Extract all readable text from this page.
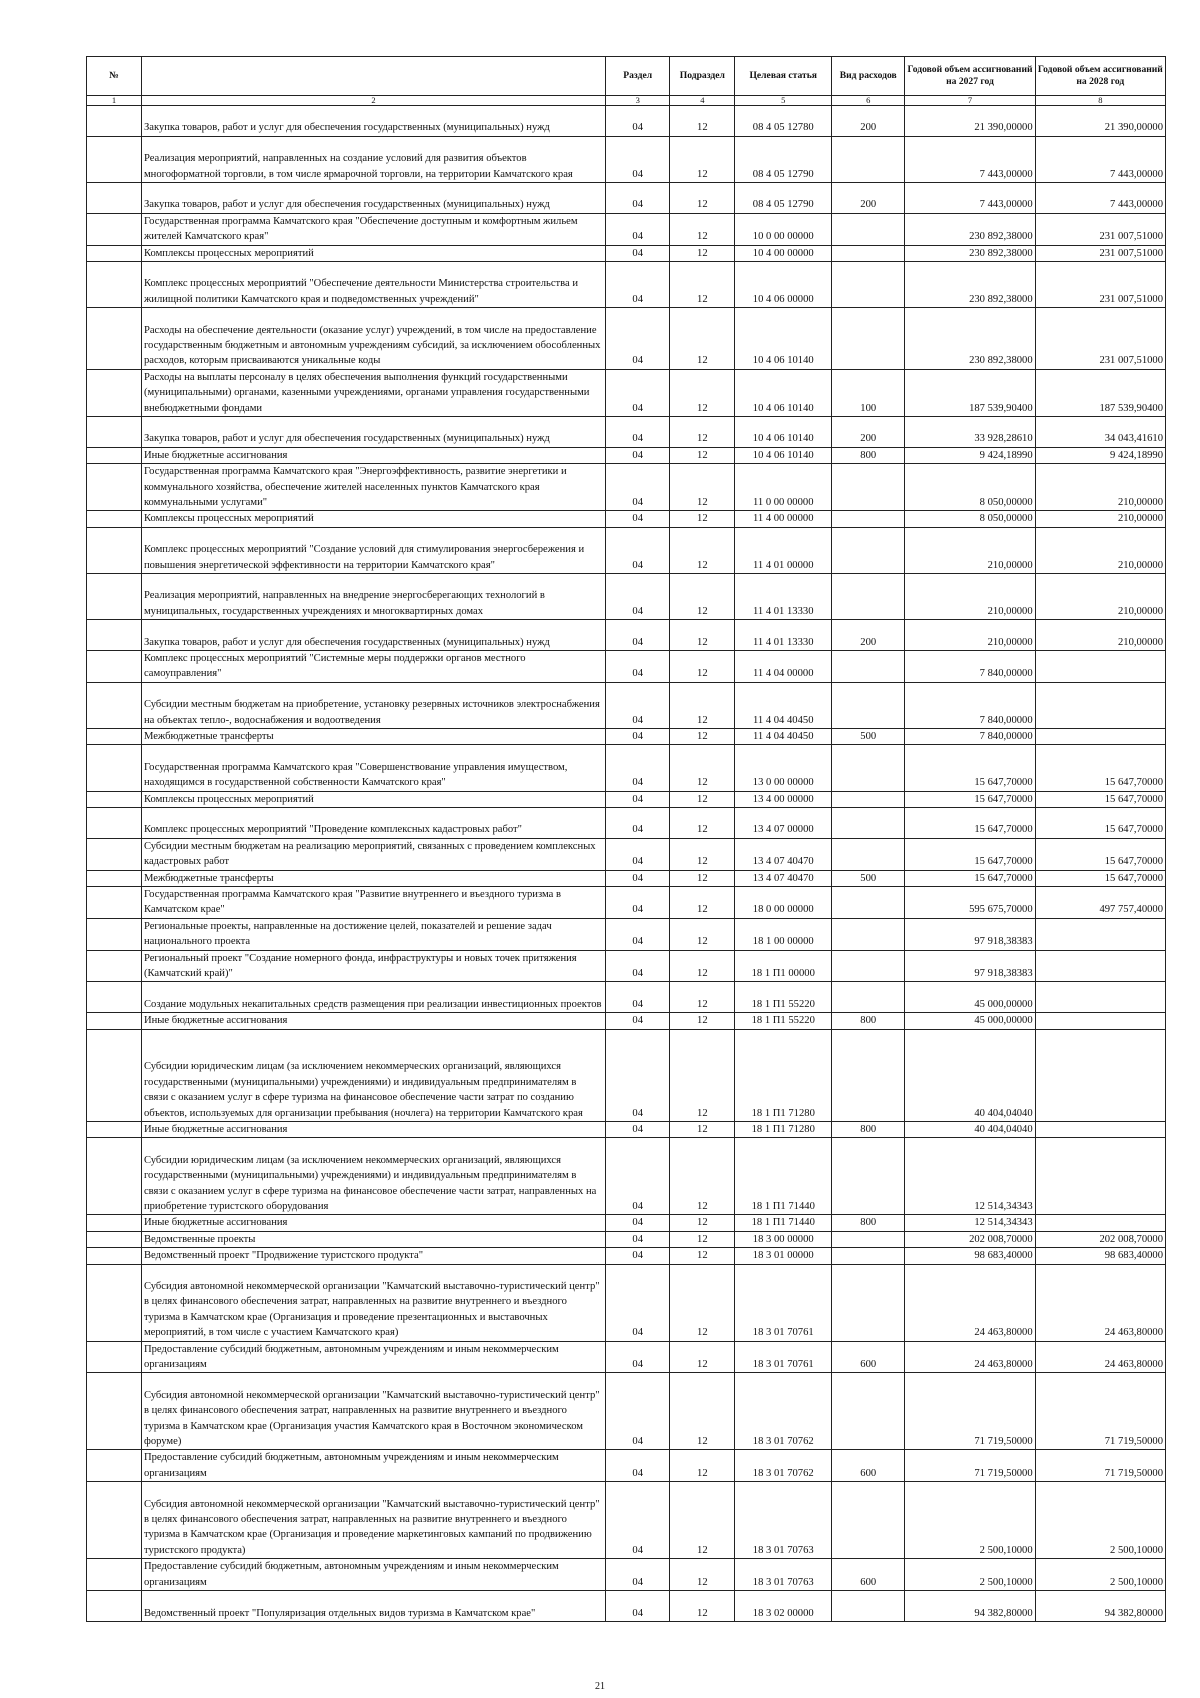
№		Раздел	Подраздел	Целевая статья	Вид расходов	Годовой объем ассигнований на 2027 год	Годовой объем ассигнований на 2028 год
1	2	3	4	5	6	7	8
	Закупка товаров, работ и услуг для обеспечения государственных (муниципальных) нужд	04	12	08 4 05 12780	200	21 390,00000	21 390,00000
	Реализация мероприятий, направленных на создание условий для развития объектов многоформатной торговли, в том числе ярмарочной торговли, на территории Камчатского края	04	12	08 4 05 12790		7 443,00000	7 443,00000
	Закупка товаров, работ и услуг для обеспечения государственных (муниципальных) нужд	04	12	08 4 05 12790	200	7 443,00000	7 443,00000
	Государственная программа Камчатского края "Обеспечение доступным и комфортным жильем жителей Камчатского края"	04	12	10 0 00 00000		230 892,38000	231 007,51000
	Комплексы процессных мероприятий	04	12	10 4 00 00000		230 892,38000	231 007,51000
	Комплекс процессных мероприятий "Обеспечение деятельности Министерства строительства и жилищной политики Камчатского края и подведомственных учреждений"	04	12	10 4 06 00000		230 892,38000	231 007,51000
	Расходы на обеспечение деятельности (оказание услуг) учреждений, в том числе на предоставление государственным бюджетным и автономным учреждениям субсидий, за исключением обособленных расходов, которым присваиваются уникальные коды	04	12	10 4 06 10140		230 892,38000	231 007,51000
	Расходы на выплаты персоналу в целях обеспечения выполнения функций государственными (муниципальными) органами, казенными учреждениями, органами управления государственными внебюджетными фондами	04	12	10 4 06 10140	100	187 539,90400	187 539,90400
	Закупка товаров, работ и услуг для обеспечения государственных (муниципальных) нужд	04	12	10 4 06 10140	200	33 928,28610	34 043,41610
	Иные бюджетные ассигнования	04	12	10 4 06 10140	800	9 424,18990	9 424,18990
	Государственная программа Камчатского края "Энергоэффективность, развитие энергетики и коммунального хозяйства, обеспечение жителей населенных пунктов Камчатского края коммунальными услугами"	04	12	11 0 00 00000		8 050,00000	210,00000
	Комплексы процессных мероприятий	04	12	11 4 00 00000		8 050,00000	210,00000
	Комплекс процессных мероприятий "Создание условий для стимулирования энергосбережения и повышения энергетической эффективности на территории Камчатского края"	04	12	11 4 01 00000		210,00000	210,00000
	Реализация мероприятий, направленных на внедрение энергосберегающих технологий в муниципальных, государственных учреждениях и многоквартирных домах	04	12	11 4 01 13330		210,00000	210,00000
	Закупка товаров, работ и услуг для обеспечения государственных (муниципальных) нужд	04	12	11 4 01 13330	200	210,00000	210,00000
	Комплекс процессных мероприятий "Системные меры поддержки органов местного самоуправления"	04	12	11 4 04 00000		7 840,00000	
	Субсидии местным бюджетам на приобретение, установку резервных источников электроснабжения на объектах тепло-, водоснабжения и водоотведения	04	12	11 4 04 40450		7 840,00000	
	Межбюджетные трансферты	04	12	11 4 04 40450	500	7 840,00000	
	Государственная программа Камчатского края "Совершенствование управления имуществом, находящимся в государственной собственности Камчатского края"	04	12	13 0 00 00000		15 647,70000	15 647,70000
	Комплексы процессных мероприятий	04	12	13 4 00 00000		15 647,70000	15 647,70000
	Комплекс процессных мероприятий "Проведение комплексных кадастровых работ"	04	12	13 4 07 00000		15 647,70000	15 647,70000
	Субсидии местным бюджетам на реализацию мероприятий, связанных с проведением комплексных кадастровых работ	04	12	13 4 07 40470		15 647,70000	15 647,70000
	Межбюджетные трансферты	04	12	13 4 07 40470	500	15 647,70000	15 647,70000
	Государственная программа Камчатского края "Развитие внутреннего и въездного туризма в Камчатском крае"	04	12	18 0 00 00000		595 675,70000	497 757,40000
	Региональные проекты, направленные на достижение целей, показателей и решение задач национального проекта	04	12	18 1 00 00000		97 918,38383	
	Региональный проект "Создание номерного фонда, инфраструктуры и новых точек притяжения (Камчатский край)"	04	12	18 1 П1 00000		97 918,38383	
	Создание модульных некапитальных средств размещения при реализации инвестиционных проектов	04	12	18 1 П1 55220		45 000,00000	
	Иные бюджетные ассигнования	04	12	18 1 П1 55220	800	45 000,00000	
	Субсидии юридическим лицам (за исключением некоммерческих организаций, являющихся государственными (муниципальными) учреждениями) и индивидуальным предпринимателям в связи с оказанием услуг в сфере туризма на финансовое обеспечение части затрат по созданию объектов, используемых для организации пребывания (ночлега) на территории Камчатского края	04	12	18 1 П1 71280		40 404,04040	
	Иные бюджетные ассигнования	04	12	18 1 П1 71280	800	40 404,04040	
	Субсидии юридическим лицам (за исключением некоммерческих организаций, являющихся государственными (муниципальными) учреждениями) и индивидуальным предпринимателям в связи с оказанием услуг в сфере туризма на финансовое обеспечение части затрат, направленных на приобретение туристского оборудования	04	12	18 1 П1 71440		12 514,34343	
	Иные бюджетные ассигнования	04	12	18 1 П1 71440	800	12 514,34343	
	Ведомственные проекты	04	12	18 3 00 00000		202 008,70000	202 008,70000
	Ведомственный проект "Продвижение туристского продукта"	04	12	18 3 01 00000		98 683,40000	98 683,40000
	Субсидия автономной некоммерческой организации "Камчатский выставочно-туристический центр" в целях финансового обеспечения затрат, направленных на развитие внутреннего и въездного туризма в Камчатском крае (Организация и проведение презентационных и выставочных мероприятий, в том числе с участием Камчатского края)	04	12	18 3 01 70761		24 463,80000	24 463,80000
	Предоставление субсидий бюджетным, автономным учреждениям и иным некоммерческим организациям	04	12	18 3 01 70761	600	24 463,80000	24 463,80000
	Субсидия автономной некоммерческой организации "Камчатский выставочно-туристический центр" в целях финансового обеспечения затрат, направленных на развитие внутреннего и въездного туризма в Камчатском крае (Организация участия Камчатского края в Восточном экономическом форуме)	04	12	18 3 01 70762		71 719,50000	71 719,50000
	Предоставление субсидий бюджетным, автономным учреждениям и иным некоммерческим организациям	04	12	18 3 01 70762	600	71 719,50000	71 719,50000
	Субсидия автономной некоммерческой организации "Камчатский выставочно-туристический центр" в целях финансового обеспечения затрат, направленных на развитие внутреннего и въездного туризма в Камчатском крае (Организация и проведение маркетинговых кампаний по продвижению туристского продукта)	04	12	18 3 01 70763		2 500,10000	2 500,10000
	Предоставление субсидий бюджетным, автономным учреждениям и иным некоммерческим организациям	04	12	18 3 01 70763	600	2 500,10000	2 500,10000
	Ведомственный проект "Популяризация отдельных видов туризма в Камчатском крае"	04	12	18 3 02 00000		94 382,80000	94 382,80000
21
